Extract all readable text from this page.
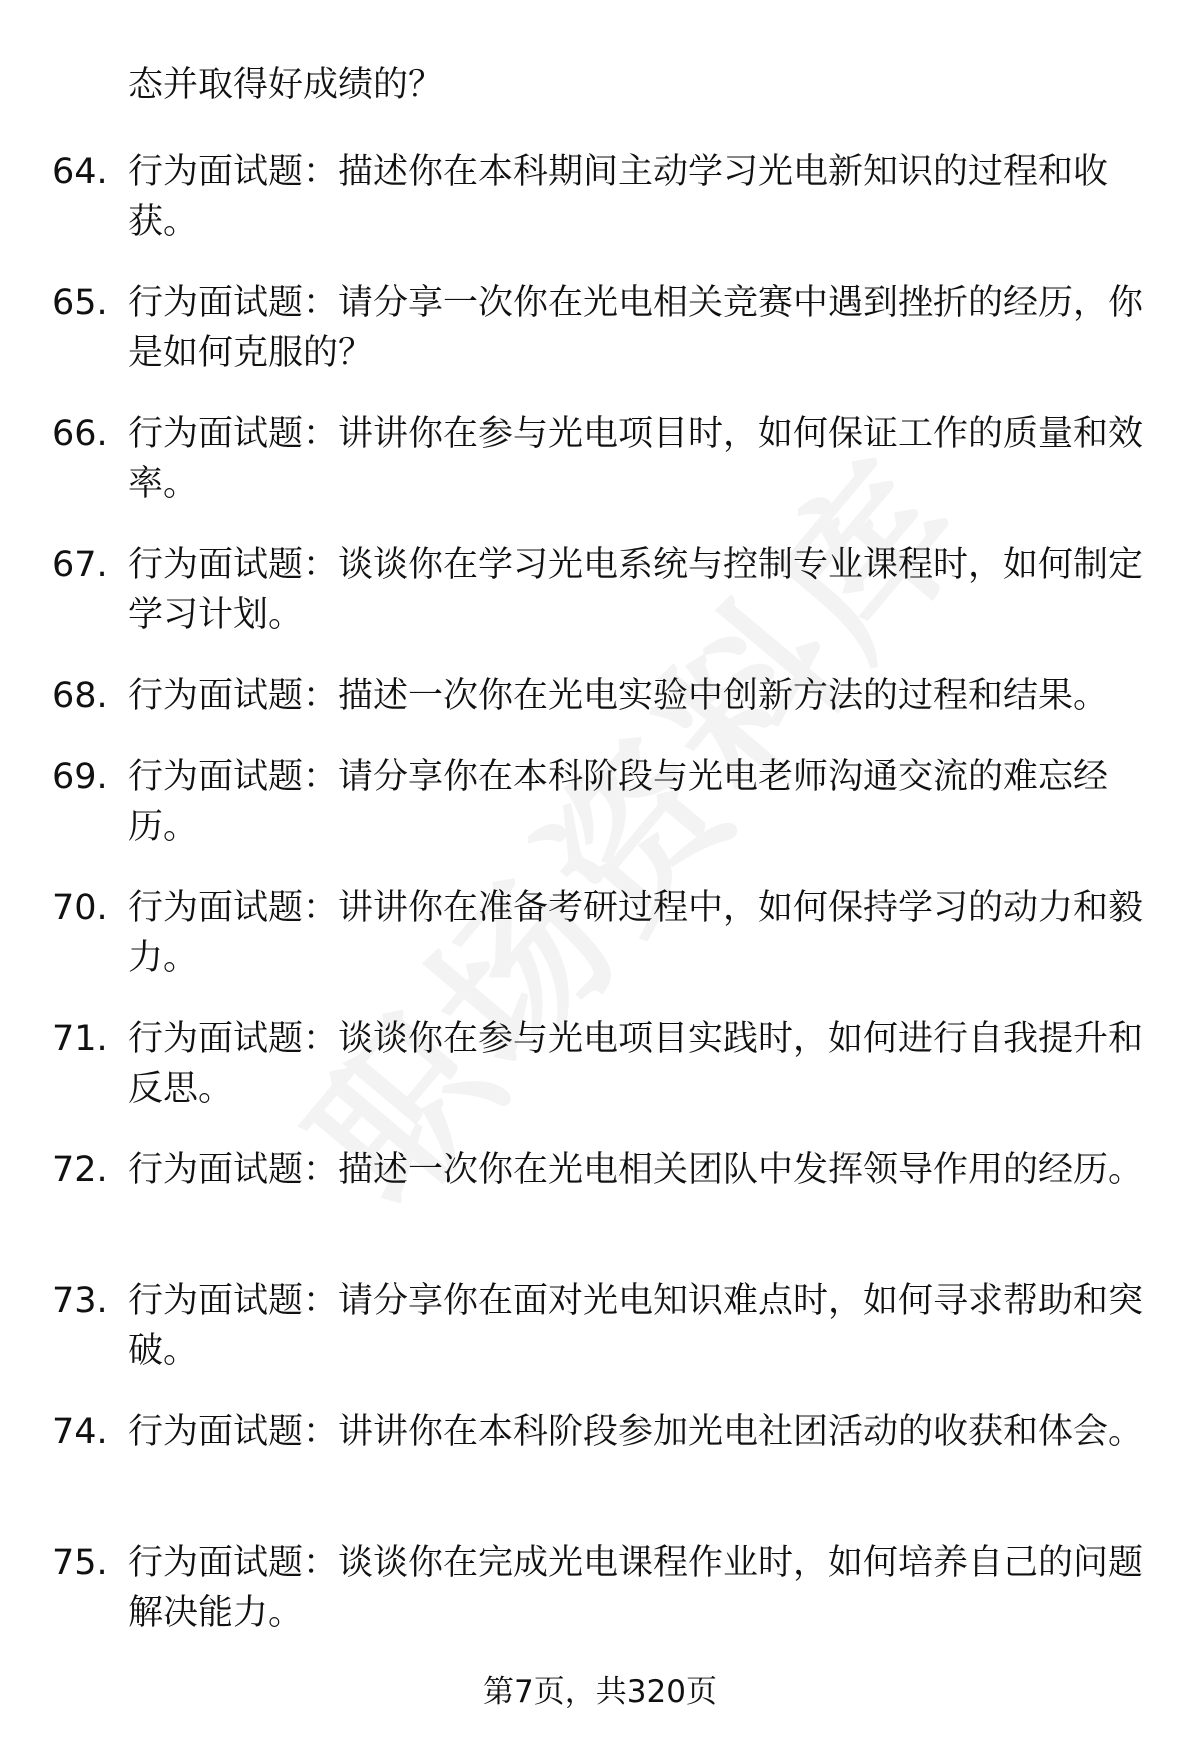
态并取得好成绩的？

64. 行为面试题：描述你在本科期间主动学习光电新知识的过程和收获。

65. 行为面试题：请分享一次你在光电相关竞赛中遇到挫折的经历，你是如何克服的？

66. 行为面试题：讲讲你在参与光电项目时，如何保证工作的质量和效率。

67. 行为面试题：谈谈你在学习光电系统与控制专业课程时，如何制定学习计划。

68. 行为面试题：描述一次你在光电实验中创新方法的过程和结果。

69. 行为面试题：请分享你在本科阶段与光电老师沟通交流的难忘经历。

70. 行为面试题：讲讲你在准备考研过程中，如何保持学习的动力和毅力。

71. 行为面试题：谈谈你在参与光电项目实践时，如何进行自我提升和反思。

72. 行为面试题：描述一次你在光电相关团队中发挥领导作用的经历。

73. 行为面试题：请分享你在面对光电知识难点时，如何寻求帮助和突破。

74. 行为面试题：讲讲你在本科阶段参加光电社团活动的收获和体会。

75. 行为面试题：谈谈你在完成光电课程作业时，如何培养自己的问题解决能力。

第7页，共320页
